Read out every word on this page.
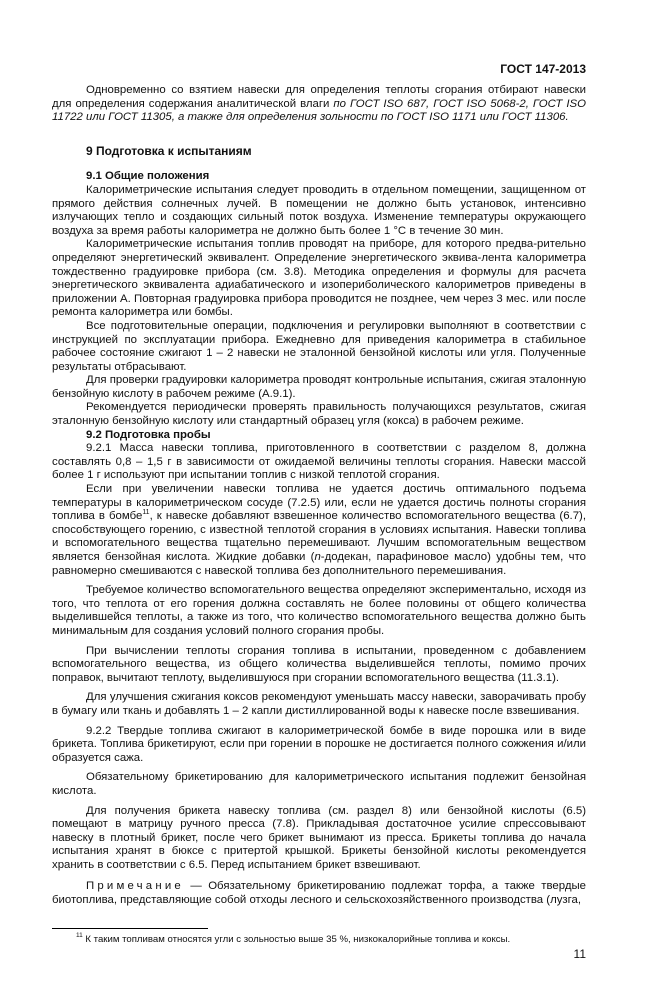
ГОСТ 147-2013

Одновременно со взятием навески для определения теплоты сгорания отбирают навески для определения содержания аналитической влаги по ГОСТ ISO 687, ГОСТ ISO 5068-2, ГОСТ ISO 11722 или ГОСТ 11305, а также для определения зольности по ГОСТ ISO 1171 или ГОСТ 11306.

9 Подготовка к испытаниям
9.1 Общие положения

Калориметрические испытания следует проводить в отдельном помещении, защищенном от прямого действия солнечных лучей. В помещении не должно быть установок, интенсивно излучающих тепло и создающих сильный поток воздуха. Изменение температуры окружающего воздуха за время работы калориметра не должно быть более 1 °С в течение 30 мин.

Калориметрические испытания топлив проводят на приборе, для которого предва-рительно определяют энергетический эквивалент. Определение энергетического эквива-лента калориметра тождественно градуировке прибора (см. 3.8). Методика определения и формулы для расчета энергетического эквивалента адиабатического и изопериболического калориметров приведены в приложении А. Повторная градуировка прибора проводится не позднее, чем через 3 мес. или после ремонта калориметра или бомбы.

Все подготовительные операции, подключения и регулировки выполняют в соответствии с инструкцией по эксплуатации прибора. Ежедневно для приведения калориметра в стабильное рабочее состояние сжигают 1 – 2 навески не эталонной бензойной кислоты или угля. Полученные результаты отбрасывают.

Для проверки градуировки калориметра проводят контрольные испытания, сжигая эталонную бензойную кислоту в рабочем режиме (А.9.1).

Рекомендуется периодически проверять правильность получающихся результатов, сжигая эталонную бензойную кислоту или стандартный образец угля (кокса) в рабочем режиме.

9.2 Подготовка пробы

9.2.1 Масса навески топлива, приготовленного в соответствии с разделом 8, должна составлять 0,8 – 1,5 г в зависимости от ожидаемой величины теплоты сгорания. Навески массой более 1 г используют при испытании топлив с низкой теплотой сгорания.

Если при увеличении навески топлива не удается достичь оптимального подъема температуры в калориметрическом сосуде (7.2.5) или, если не удается достичь полноты сгорания топлива в бомбе$^{11}$, к навеске добавляют взвешенное количество вспомогательного вещества (6.7), способствующего горению, с известной теплотой сгорания в условиях испытания. Навески топлива и вспомогательного вещества тщательно перемешивают. Лучшим вспомогательным веществом является бензойная кислота. Жидкие добавки (n-додекан, парафиновое масло) удобны тем, что равномерно смешиваются с навеской топлива без дополнительного перемешивания.

Требуемое количество вспомогательного вещества определяют экспериментально, исходя из того, что теплота от его горения должна составлять не более половины от общего количества выделившейся теплоты, а также из того, что количество вспомогательного вещества должно быть минимальным для создания условий полного сгорания пробы.

При вычислении теплоты сгорания топлива в испытании, проведенном с добавлением вспомогательного вещества, из общего количества выделившейся теплоты, помимо прочих поправок, вычитают теплоту, выделившуюся при сгорании вспомогательного вещества (11.3.1).

Для улучшения сжигания коксов рекомендуют уменьшать массу навески, заворачивать пробу в бумагу или ткань и добавлять 1 – 2 капли дистиллированной воды к навеске после взвешивания.

9.2.2 Твердые топлива сжигают в калориметрической бомбе в виде порошка или в виде брикета. Топлива брикетируют, если при горении в порошке не достигается полного сожжения и/или образуется сажа.

Обязательному брикетированию для калориметрического испытания подлежит бензойная кислота.

Для получения брикета навеску топлива (см. раздел 8) или бензойной кислоты (6.5) помещают в матрицу ручного пресса (7.8). Прикладывая достаточное усилие спрессовывают навеску в плотный брикет, после чего брикет вынимают из пресса. Брикеты топлива до начала испытания хранят в бюксе с притертой крышкой. Брикеты бензойной кислоты рекомендуется хранить в соответствии с 6.5. Перед испытанием брикет взвешивают.

Примечание — Обязательному брикетированию подлежат торфа, а также твердые биотоплива, представляющие собой отходы лесного и сельскохозяйственного производства (лузга,

$^{11}$ К таким топливам относятся угли с зольностью выше 35 %, низкокалорийные топлива и коксы.
11
